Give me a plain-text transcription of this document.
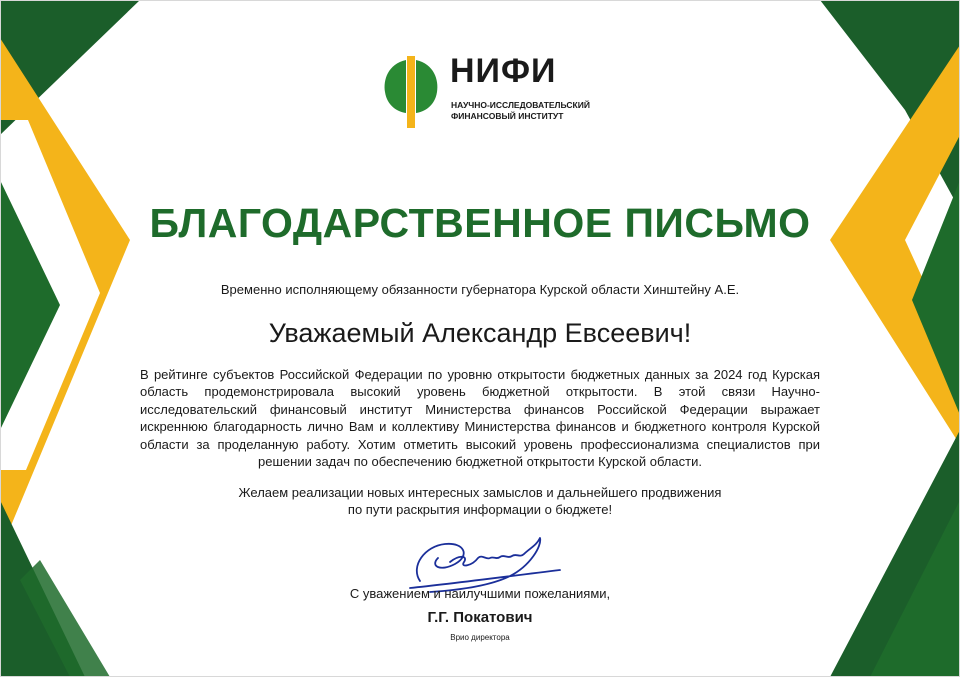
НИФИ
НАУЧНО-ИССЛЕДОВАТЕЛЬСКИЙ
ФИНАНСОВЫЙ ИНСТИТУТ
БЛАГОДАРСТВЕННОЕ ПИСЬМО
Временно исполняющему обязанности губернатора Курской области Хинштейну А.Е.
Уважаемый Александр Евсеевич!

В рейтинге субъектов Российской Федерации по уровню открытости бюджетных данных за 2024 год Курская область продемонстрировала высокий уровень бюджетной открытости. В этой связи Научно-исследовательский финансовый институт Министерства финансов Российской Федерации выражает искреннюю благодарность лично Вам и коллективу Министерства финансов и бюджетного контроля Курской области за проделанную работу. Хотим отметить высокий уровень профессионализма специалистов при решении задач по обеспечению бюджетной открытости Курской области.

Желаем реализации новых интересных замыслов и дальнейшего продвижения
по пути раскрытия информации о бюджете!
С уважением и наилучшими пожеланиями,
Г.Г. Покатович
Врио директора
